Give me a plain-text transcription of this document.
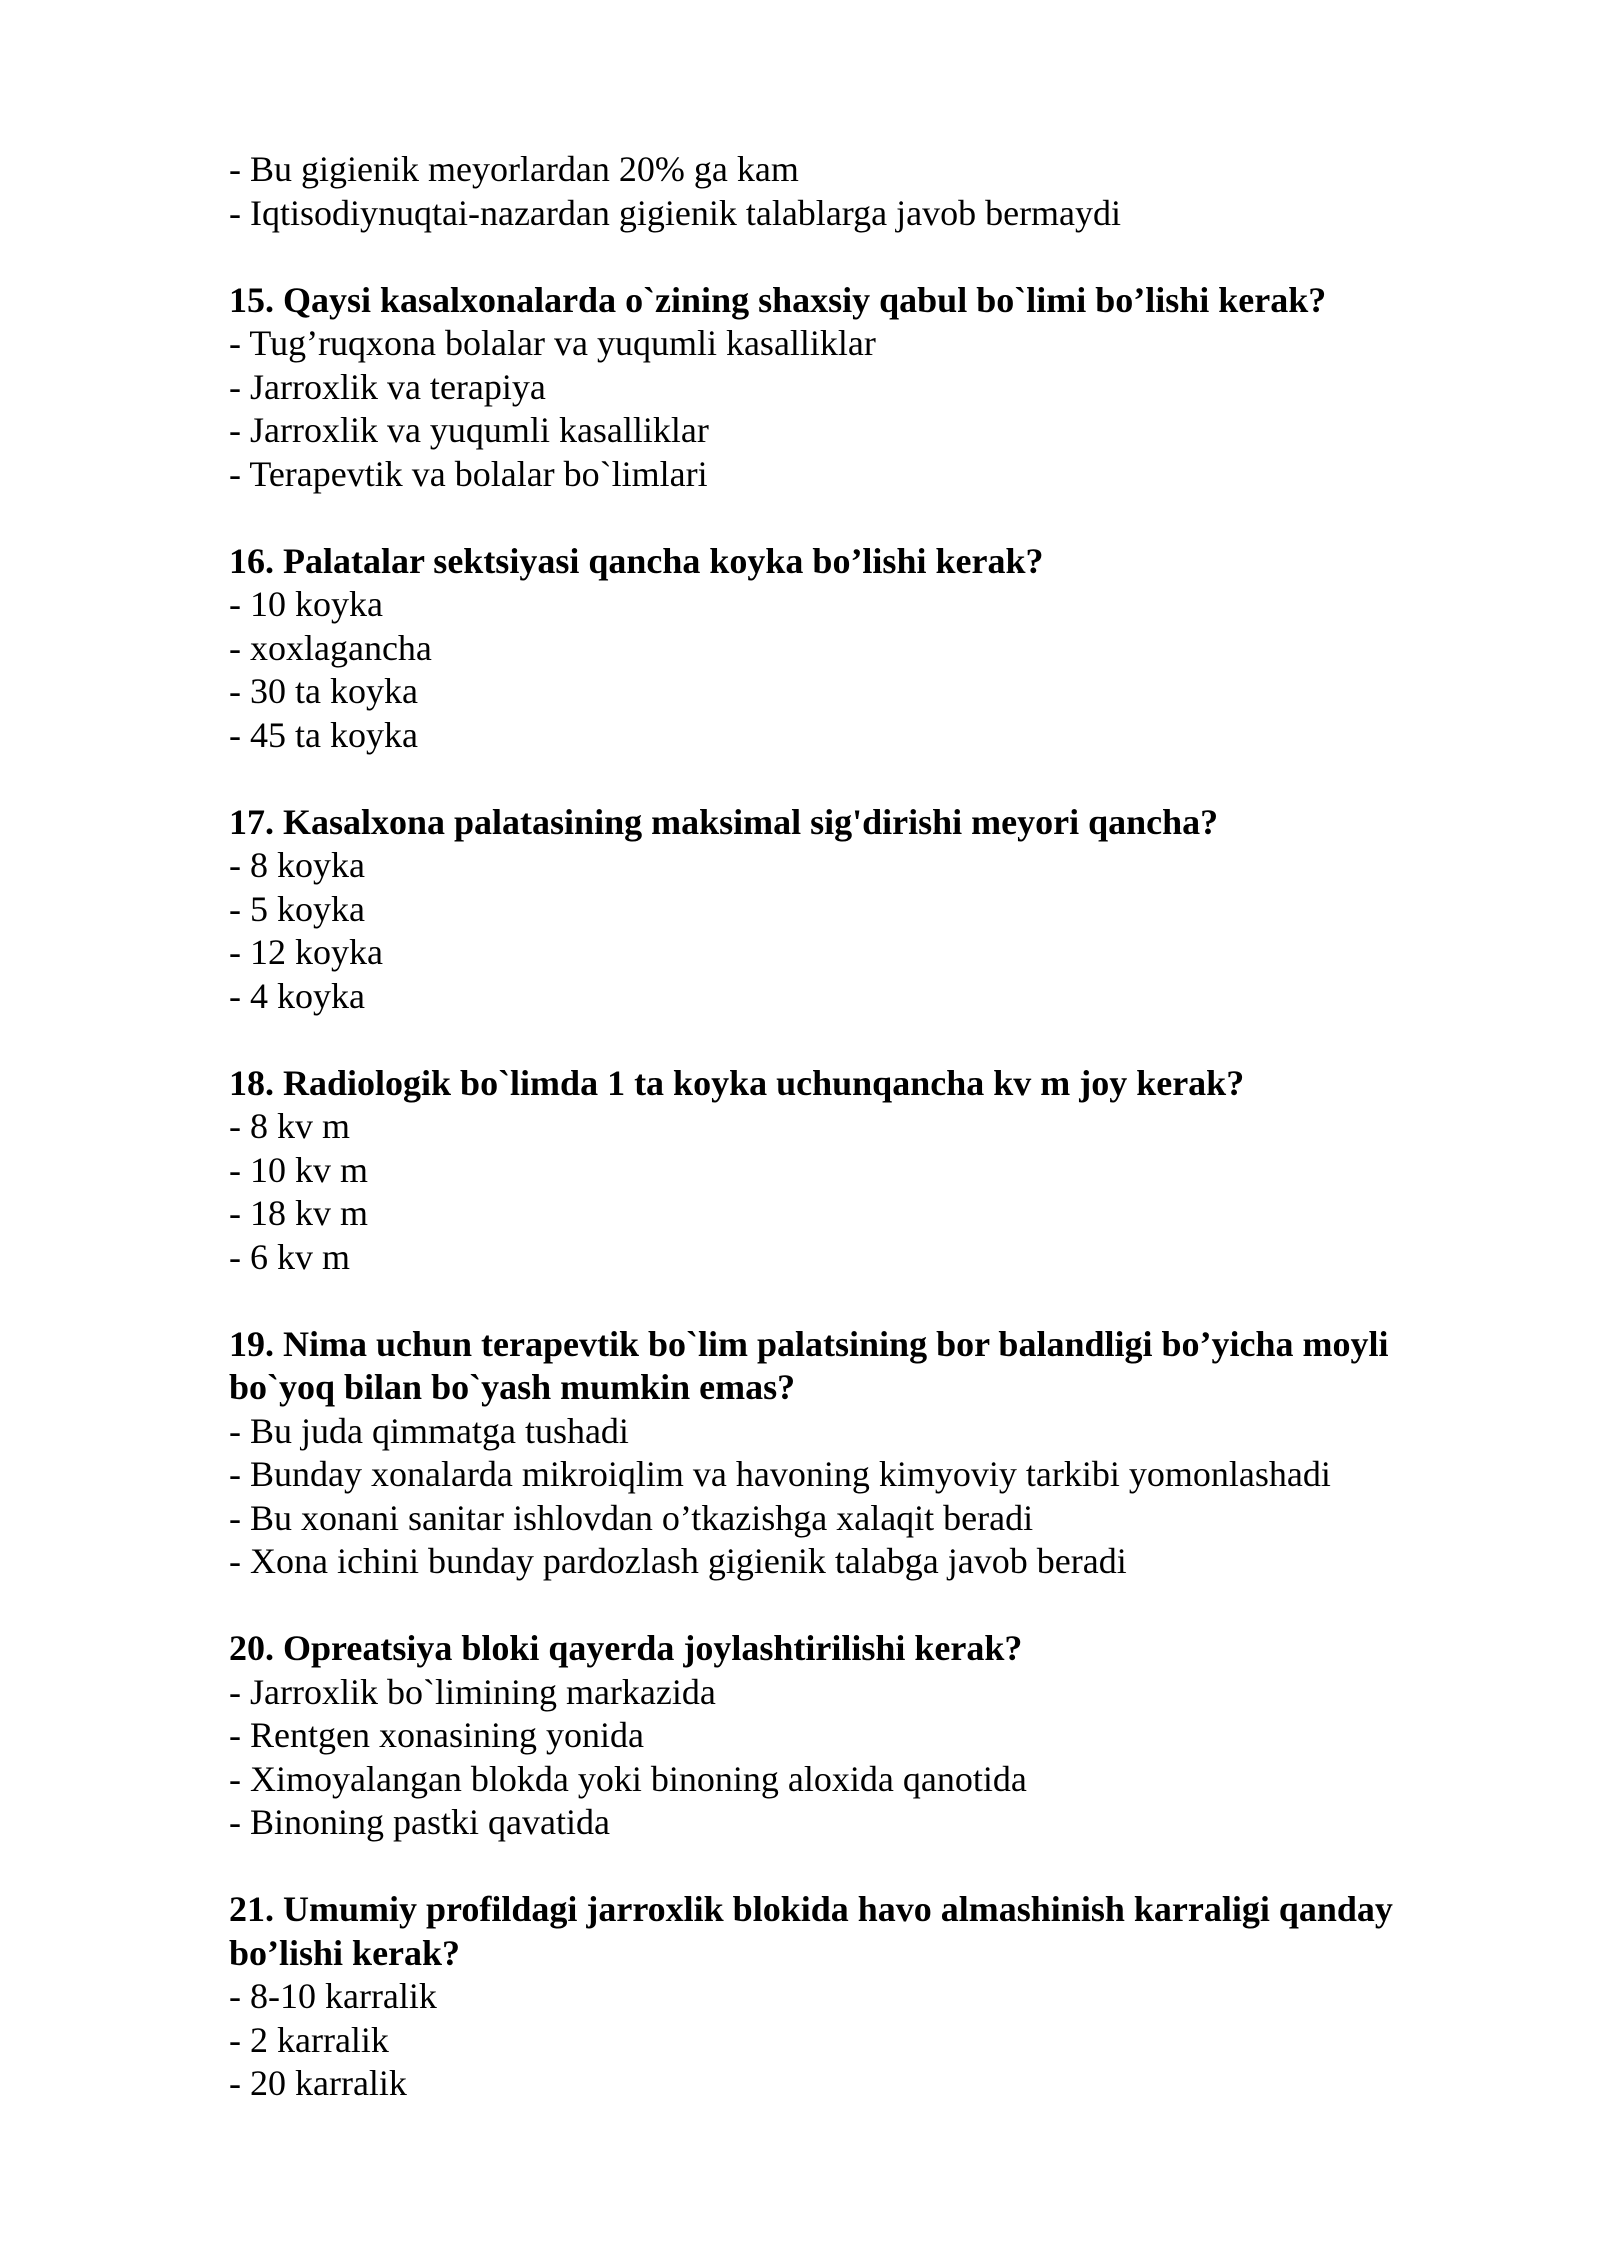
- Bu gigienik meyorlardan 20% ga kam

- Iqtisodiynuqtai-nazardan gigienik talablarga javob bermaydi

15. Qaysi kasalxonalarda o`zining shaxsiy qabul bo`limi bo’lishi kerak?

- Tug’ruqxona bolalar va yuqumli kasalliklar

- Jarroxlik va terapiya

- Jarroxlik va yuqumli kasalliklar

- Terapevtik va bolalar bo`limlari

16. Palatalar sektsiyasi qancha koyka bo’lishi kerak?

- 10 koyka

- xoxlagancha

- 30 ta koyka

- 45 ta koyka

17. Kasalxona palatasining maksimal sig'dirishi meyori qancha?

- 8 koyka

- 5 koyka

- 12 koyka

- 4 koyka

18. Radiologik bo`limda 1 ta koyka uchunqancha kv m joy kerak?

- 8 kv m

- 10 kv m

- 18 kv m

- 6 kv m

19. Nima uchun terapevtik bo`lim palatsining bor balandligi bo’yicha moyli

bo`yoq bilan bo`yash mumkin emas?

- Bu juda qimmatga tushadi

- Bunday xonalarda mikroiqlim va havoning kimyoviy tarkibi yomonlashadi

- Bu xonani sanitar ishlovdan o’tkazishga xalaqit beradi

- Xona ichini bunday pardozlash gigienik talabga javob beradi

20. Opreatsiya bloki qayerda joylashtirilishi kerak?

- Jarroxlik bo`limining markazida

- Rentgen xonasining yonida

- Ximoyalangan blokda yoki binoning aloxida qanotida

- Binoning pastki qavatida

21. Umumiy profildagi jarroxlik blokida havo almashinish karraligi qanday

bo’lishi kerak?

- 8-10 karralik

- 2 karralik

- 20 karralik
